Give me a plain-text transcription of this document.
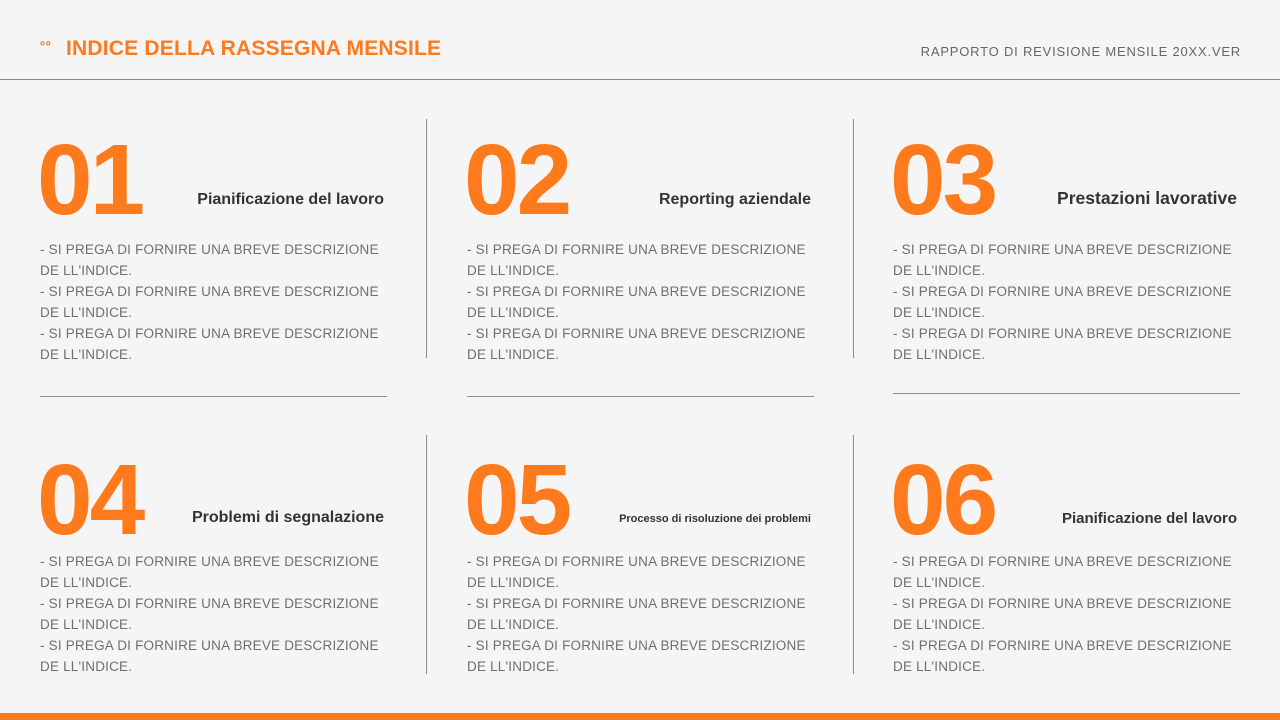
ºº INDICE DELLA RASSEGNA MENSILE	RAPPORTO DI REVISIONE MENSILE 20XX.VER
01	Pianificazione del lavoro
- SI PREGA DI FORNIRE UNA BREVE DESCRIZIONE DE LL'INDICE.
- SI PREGA DI FORNIRE UNA BREVE DESCRIZIONE DE LL'INDICE.
- SI PREGA DI FORNIRE UNA BREVE DESCRIZIONE DE LL'INDICE.
02	Reporting aziendale
- SI PREGA DI FORNIRE UNA BREVE DESCRIZIONE DE LL'INDICE.
- SI PREGA DI FORNIRE UNA BREVE DESCRIZIONE DE LL'INDICE.
- SI PREGA DI FORNIRE UNA BREVE DESCRIZIONE DE LL'INDICE.
03	Prestazioni lavorative
- SI PREGA DI FORNIRE UNA BREVE DESCRIZIONE DE LL'INDICE.
- SI PREGA DI FORNIRE UNA BREVE DESCRIZIONE DE LL'INDICE.
- SI PREGA DI FORNIRE UNA BREVE DESCRIZIONE DE LL'INDICE.
04	Problemi di segnalazione
- SI PREGA DI FORNIRE UNA BREVE DESCRIZIONE DE LL'INDICE.
- SI PREGA DI FORNIRE UNA BREVE DESCRIZIONE DE LL'INDICE.
- SI PREGA DI FORNIRE UNA BREVE DESCRIZIONE DE LL'INDICE.
05	Processo di risoluzione dei problemi
- SI PREGA DI FORNIRE UNA BREVE DESCRIZIONE DE LL'INDICE.
- SI PREGA DI FORNIRE UNA BREVE DESCRIZIONE DE LL'INDICE.
- SI PREGA DI FORNIRE UNA BREVE DESCRIZIONE DE LL'INDICE.
06	Pianificazione del lavoro
- SI PREGA DI FORNIRE UNA BREVE DESCRIZIONE DE LL'INDICE.
- SI PREGA DI FORNIRE UNA BREVE DESCRIZIONE DE LL'INDICE.
- SI PREGA DI FORNIRE UNA BREVE DESCRIZIONE DE LL'INDICE.
